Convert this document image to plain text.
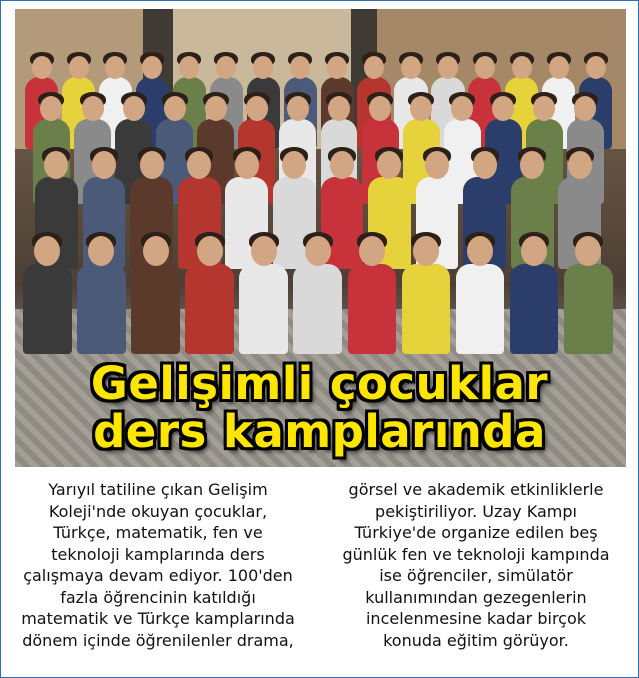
Gelişimli çocuklar
ders kamplarında
Yarıyıl tatiline çıkan Gelişim
Koleji'nde okuyan çocuklar,
Türkçe, matematik, fen ve
teknoloji kamplarında ders
çalışmaya devam ediyor. 100'den
fazla öğrencinin katıldığı
matematik ve Türkçe kamplarında
dönem içinde öğrenilenler drama,
görsel ve akademik etkinliklerle
pekiştiriliyor. Uzay Kampı
Türkiye'de organize edilen beş
günlük fen ve teknoloji kampında
ise öğrenciler, simülatör
kullanımından gezegenlerin
incelenmesine kadar birçok
konuda eğitim görüyor.
